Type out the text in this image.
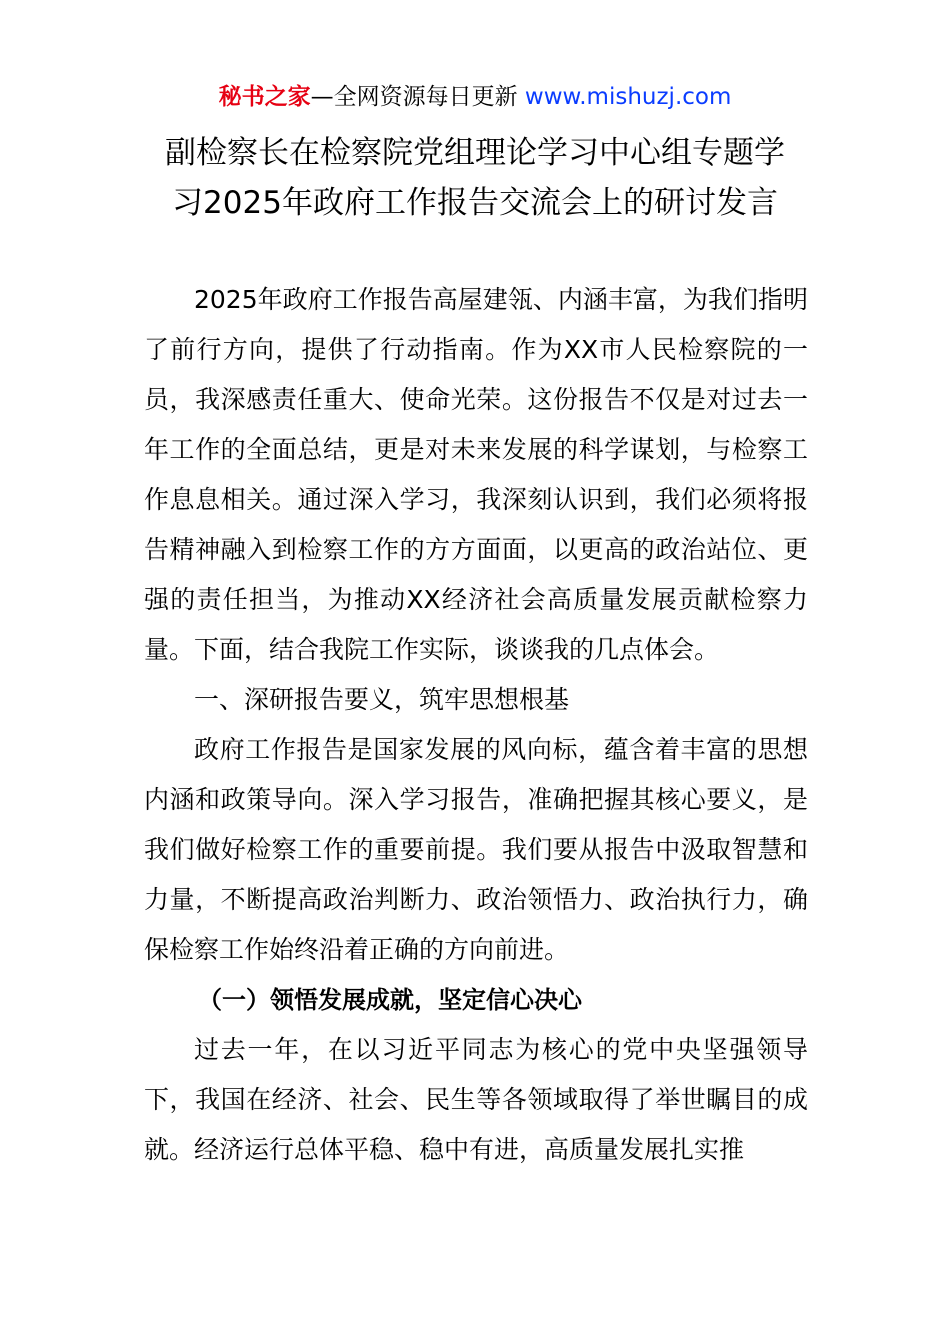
秘书之家—全网资源每日更新 www.mishuzj.com
副检察长在检察院党组理论学习中心组专题学
习2025年政府工作报告交流会上的研讨发言

2025年政府工作报告高屋建瓴、内涵丰富，为我们指明了前行方向，提供了行动指南。作为XX市人民检察院的一员，我深感责任重大、使命光荣。这份报告不仅是对过去一年工作的全面总结，更是对未来发展的科学谋划，与检察工作息息相关。通过深入学习，我深刻认识到，我们必须将报告精神融入到检察工作的方方面面，以更高的政治站位、更强的责任担当，为推动XX经济社会高质量发展贡献检察力量。下面，结合我院工作实际，谈谈我的几点体会。

一、深研报告要义，筑牢思想根基

政府工作报告是国家发展的风向标，蕴含着丰富的思想内涵和政策导向。深入学习报告，准确把握其核心要义，是我们做好检察工作的重要前提。我们要从报告中汲取智慧和力量，不断提高政治判断力、政治领悟力、政治执行力，确保检察工作始终沿着正确的方向前进。

（一）领悟发展成就，坚定信心决心

过去一年，在以习近平同志为核心的党中央坚强领导下，我国在经济、社会、民生等各领域取得了举世瞩目的成就。经济运行总体平稳、稳中有进，高质量发展扎实推
